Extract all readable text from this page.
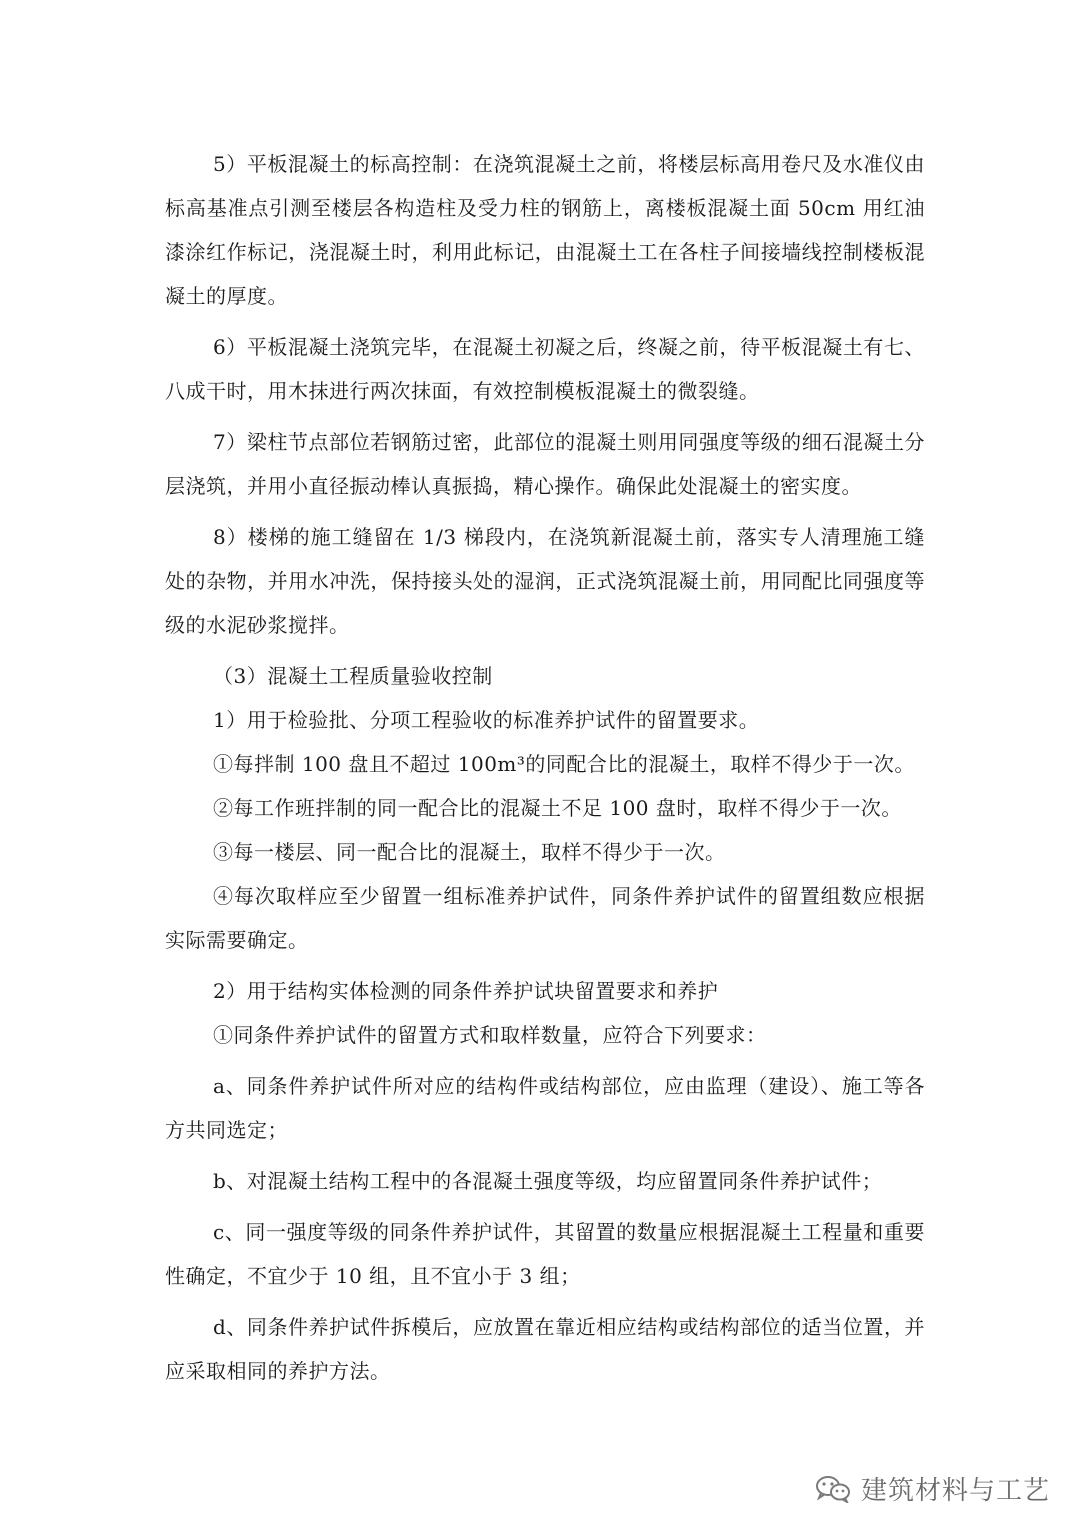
5）平板混凝土的标高控制：在浇筑混凝土之前，将楼层标高用卷尺及水准仪由标高基准点引测至楼层各构造柱及受力柱的钢筋上，离楼板混凝土面 50cm 用红油漆涂红作标记，浇混凝土时，利用此标记，由混凝土工在各柱子间接墙线控制楼板混凝土的厚度。

6）平板混凝土浇筑完毕，在混凝土初凝之后，终凝之前，待平板混凝土有七、八成干时，用木抹进行两次抹面，有效控制模板混凝土的微裂缝。

7）梁柱节点部位若钢筋过密，此部位的混凝土则用同强度等级的细石混凝土分层浇筑，并用小直径振动棒认真振捣，精心操作。确保此处混凝土的密实度。

8）楼梯的施工缝留在 1/3 梯段内，在浇筑新混凝土前，落实专人清理施工缝处的杂物，并用水冲洗，保持接头处的湿润，正式浇筑混凝土前，用同配比同强度等级的水泥砂浆搅拌。

（3）混凝土工程质量验收控制

1）用于检验批、分项工程验收的标准养护试件的留置要求。

①每拌制 100 盘且不超过 100m³的同配合比的混凝土，取样不得少于一次。

②每工作班拌制的同一配合比的混凝土不足 100 盘时，取样不得少于一次。

③每一楼层、同一配合比的混凝土，取样不得少于一次。

④每次取样应至少留置一组标准养护试件，同条件养护试件的留置组数应根据实际需要确定。

2）用于结构实体检测的同条件养护试块留置要求和养护

①同条件养护试件的留置方式和取样数量，应符合下列要求：

a、同条件养护试件所对应的结构件或结构部位，应由监理（建设）、施工等各方共同选定；

b、对混凝土结构工程中的各混凝土强度等级，均应留置同条件养护试件；

c、同一强度等级的同条件养护试件，其留置的数量应根据混凝土工程量和重要性确定，不宜少于 10 组，且不宜小于 3 组；

d、同条件养护试件拆模后，应放置在靠近相应结构或结构部位的适当位置，并应采取相同的养护方法。

建筑材料与工艺
